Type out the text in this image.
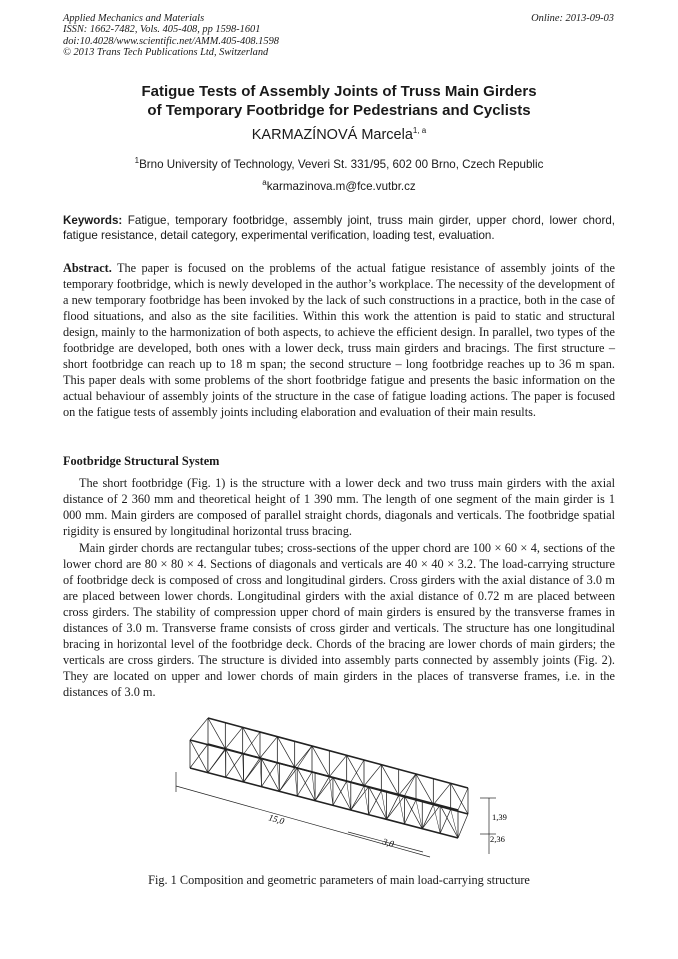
Applied Mechanics and Materials
ISSN: 1662-7482, Vols. 405-408, pp 1598-1601
doi:10.4028/www.scientific.net/AMM.405-408.1598
© 2013 Trans Tech Publications Ltd, Switzerland
Online: 2013-09-03
Fatigue Tests of Assembly Joints of Truss Main Girders
of Temporary Footbridge for Pedestrians and Cyclists
KARMAZÍNOVÁ Marcela$^{1, a}$
$^1$Brno University of Technology, Veveri St. 331/95, 602 00 Brno, Czech Republic
$^a$karmazinova.m@fce.vutbr.cz
Keywords: Fatigue, temporary footbridge, assembly joint, truss main girder, upper chord, lower chord, fatigue resistance, detail category, experimental verification, loading test, evaluation.
Abstract. The paper is focused on the problems of the actual fatigue resistance of assembly joints of the temporary footbridge, which is newly developed in the author’s workplace. The necessity of the development of a new temporary footbridge has been invoked by the lack of such constructions in a practice, both in the case of flood situations, and also as the site facilities. Within this work the attention is paid to static and structural design, mainly to the harmonization of both aspects, to achieve the efficient design. In parallel, two types of the footbridge are developed, both ones with a lower deck, truss main girders and bracings. The first structure – short footbridge can reach up to 18 m span; the second structure – long footbridge reaches up to 36 m span. This paper deals with some problems of the short footbridge fatigue and presents the basic information on the actual behaviour of assembly joints of the structure in the case of fatigue loading actions. The paper is focused on the fatigue tests of assembly joints including elaboration and evaluation of their main results.
Footbridge Structural System
The short footbridge (Fig. 1) is the structure with a lower deck and two truss main girders with the axial distance of 2 360 mm and theoretical height of 1 390 mm. The length of one segment of the main girder is 1 000 mm. Main girders are composed of parallel straight chords, diagonals and verticals. The footbridge spatial rigidity is ensured by longitudinal horizontal truss bracing.
Main girder chords are rectangular tubes; cross-sections of the upper chord are 100 × 60 × 4, sections of the lower chord are 80 × 80 × 4. Sections of diagonals and verticals are 40 × 40 × 3.2. The load-carrying structure of footbridge deck is composed of cross and longitudinal girders. Cross girders with the axial distance of 3.0 m are placed between lower chords. Longitudinal girders with the axial distance of 0.72 m are placed between cross girders. The stability of compression upper chord of main girders is ensured by the transverse frames in distances of 3.0 m. Transverse frame consists of cross girder and verticals. The structure has one longitudinal bracing in horizontal level of the footbridge deck. Chords of the bracing are lower chords of main girders; the verticals are cross girders. The structure is divided into assembly parts connected by assembly joints (Fig. 2). They are located on upper and lower chords of main girders in the places of transverse frames, i.e. in the distances of 3.0 m.
15,0
3,0
1,39
2,36
Fig. 1 Composition and geometric parameters of main load-carrying structure
